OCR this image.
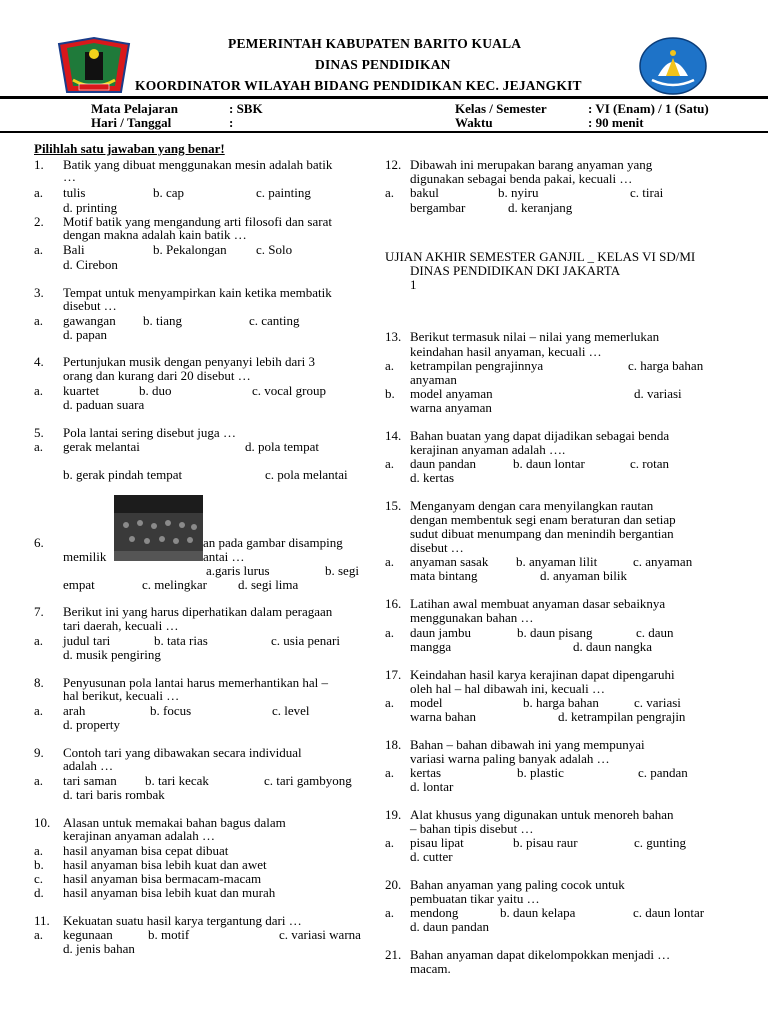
PEMERINTAH KABUPATEN BARITO KUALA
DINAS PENDIDIKAN
KOORDINATOR WILAYAH BIDANG PENDIDIKAN KEC. JEJANGKIT
Mata Pelajaran	: SBK
Hari / Tanggal	:
Kelas / Semester	: VI (Enam) / 1 (Satu)
Waktu	: 90 menit
Pilihlah satu jawaban yang benar!
1. Batik yang dibuat menggunakan mesin adalah batik
…
a. tulis	b. cap	c. painting
d. printing
2. Motif batik yang mengandung arti filosofi dan sarat
dengan makna adalah kain batik …
a. Bali	b. Pekalongan c. Solo
d. Cirebon
3. Tempat untuk menyampirkan kain ketika membatik
disebut …
a. gawangan b. tiang	c. canting
d. papan
4. Pertunjukan musik dengan penyanyi lebih dari 3
orang dan kurang dari 20 disebut …
a. kuartet	b. duo	c. vocal group
d. paduan suara
5. Pola lantai sering disebut juga …
a. gerak melantai	d. pola tempat
b. gerak pindah tempat	c. pola melantai
6.	an pada gambar disamping
memilik	antai …
a.garis lurus	b. segi
empat	c. melingkar d. segi lima
7. Berikut ini yang harus diperhatikan dalam peragaan
tari daerah, kecuali …
a. judul tari	b. tata rias	c. usia penari
d. musik pengiring
8. Penyusunan pola lantai harus memerhantikan hal –
hal berikut, kecuali …
a. arah	b. focus	c. level
d. property
9. Contoh tari yang dibawakan secara individual
adalah …
a. tari saman b. tari kecak	c. tari gambyong
d. tari baris rombak
10. Alasan untuk memakai bahan bagus dalam
kerajinan anyaman adalah …
a. hasil anyaman bisa cepat dibuat
b. hasil anyaman bisa lebih kuat dan awet
c. hasil anyaman bisa bermacam-macam
d. hasil anyaman bisa lebih kuat dan murah
11. Kekuatan suatu hasil karya tergantung dari …
a. kegunaan	b. motif	c. variasi warna
d. jenis bahan
12. Dibawah ini merupakan barang anyaman yang
digunakan sebagai benda pakai, kecuali …
a. bakul	b. nyiru	c. tirai
bergambar	d. keranjang
UJIAN AKHIR SEMESTER GANJIL _ KELAS VI SD/MI
DINAS PENDIDIKAN DKI JAKARTA
1
13. Berikut termasuk nilai – nilai yang memerlukan
keindahan hasil anyaman, kecuali …
a. ketrampilan pengrajinnya	c. harga bahan
anyaman
b. model anyaman	d. variasi
warna anyaman
14. Bahan buatan yang dapat dijadikan sebagai benda
kerajinan anyaman adalah ….
a. daun pandan	b. daun lontar	c. rotan
d. kertas
15. Menganyam dengan cara menyilangkan rautan
dengan membentuk segi enam beraturan dan setiap
sudut dibuat menumpang dan menindih bergantian
disebut …
a. anyaman sasak b. anyaman lilit	c. anyaman
mata bintang	d. anyaman bilik
16. Latihan awal membuat anyaman dasar sebaiknya
menggunakan bahan …
a. daun jambu	b. daun pisang	c. daun
mangga	d. daun nangka
17. Keindahan hasil karya kerajinan dapat dipengaruhi
oleh hal – hal dibawah ini, kecuali …
a. model	b. harga bahan	c. variasi
warna bahan	d. ketrampilan pengrajin
18. Bahan – bahan dibawah ini yang mempunyai
variasi warna paling banyak adalah …
a. kertas	b. plastic	c. pandan
d. lontar
19. Alat khusus yang digunakan untuk menoreh bahan
– bahan tipis disebut …
a. pisau lipat	b. pisau raur	c. gunting
d. cutter
20. Bahan anyaman yang paling cocok untuk
pembuatan tikar yaitu …
a. mendong	b. daun kelapa	c. daun lontar
d. daun pandan
21. Bahan anyaman dapat dikelompokkan menjadi …
macam.
